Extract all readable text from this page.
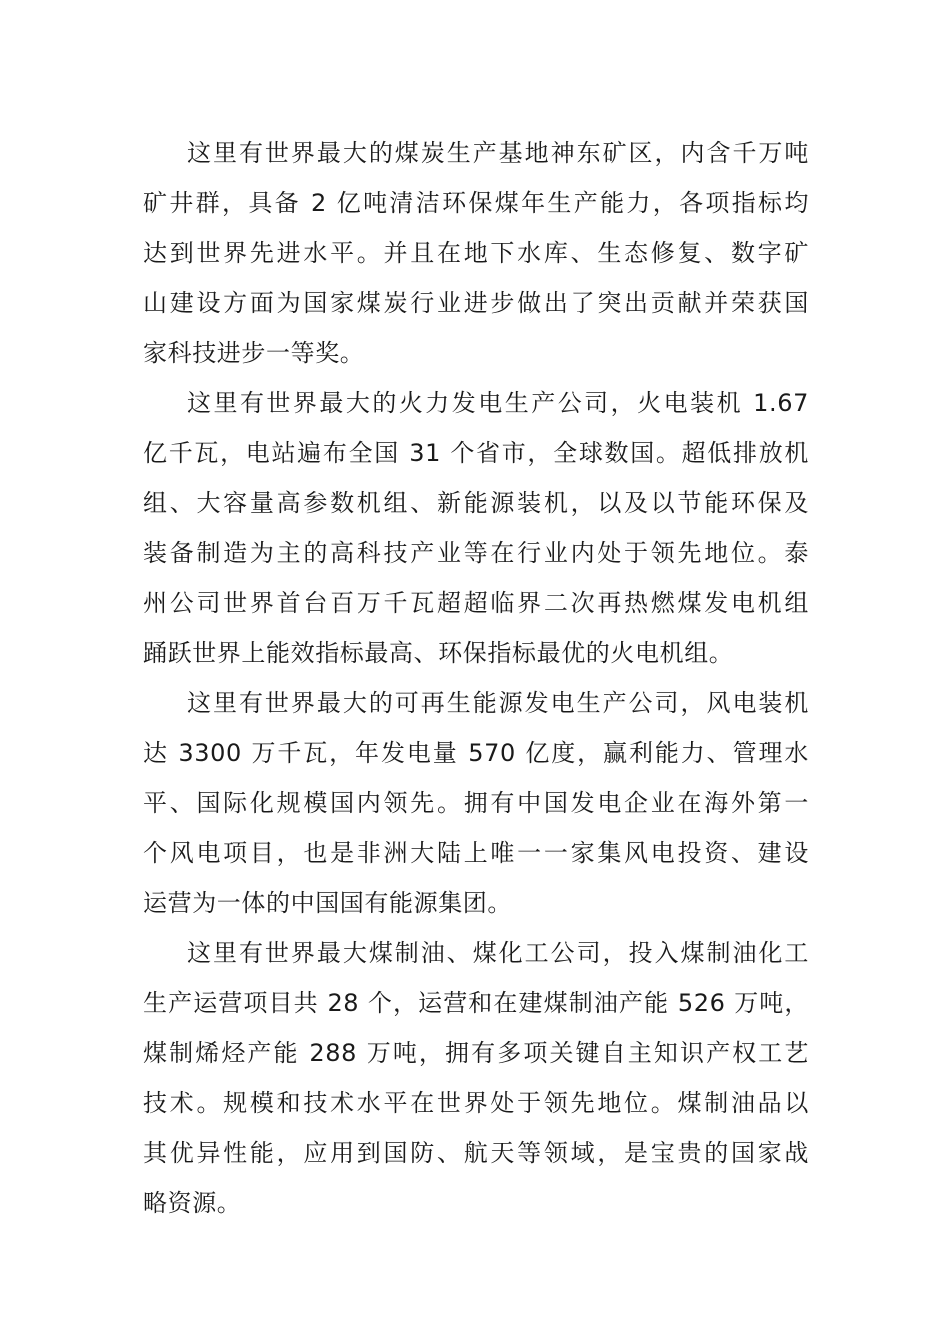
这里有世界最大的煤炭生产基地神东矿区，内含千万吨
矿井群，具备 2 亿吨清洁环保煤年生产能力，各项指标均
达到世界先进水平。并且在地下水库、生态修复、数字矿
山建设方面为国家煤炭行业进步做出了突出贡献并荣获国
家科技进步一等奖。

这里有世界最大的火力发电生产公司，火电装机 1.67
亿千瓦，电站遍布全国 31 个省市，全球数国。超低排放机
组、大容量高参数机组、新能源装机，以及以节能环保及
装备制造为主的高科技产业等在行业内处于领先地位。泰
州公司世界首台百万千瓦超超临界二次再热燃煤发电机组
踊跃世界上能效指标最高、环保指标最优的火电机组。

这里有世界最大的可再生能源发电生产公司，风电装机
达 3300 万千瓦，年发电量 570 亿度，赢利能力、管理水
平、国际化规模国内领先。拥有中国发电企业在海外第一
个风电项目，也是非洲大陆上唯一一家集风电投资、建设
运营为一体的中国国有能源集团。

这里有世界最大煤制油、煤化工公司，投入煤制油化工
生产运营项目共 28 个，运营和在建煤制油产能 526 万吨，
煤制烯烃产能 288 万吨，拥有多项关键自主知识产权工艺
技术。规模和技术水平在世界处于领先地位。煤制油品以
其优异性能，应用到国防、航天等领域，是宝贵的国家战
略资源。
